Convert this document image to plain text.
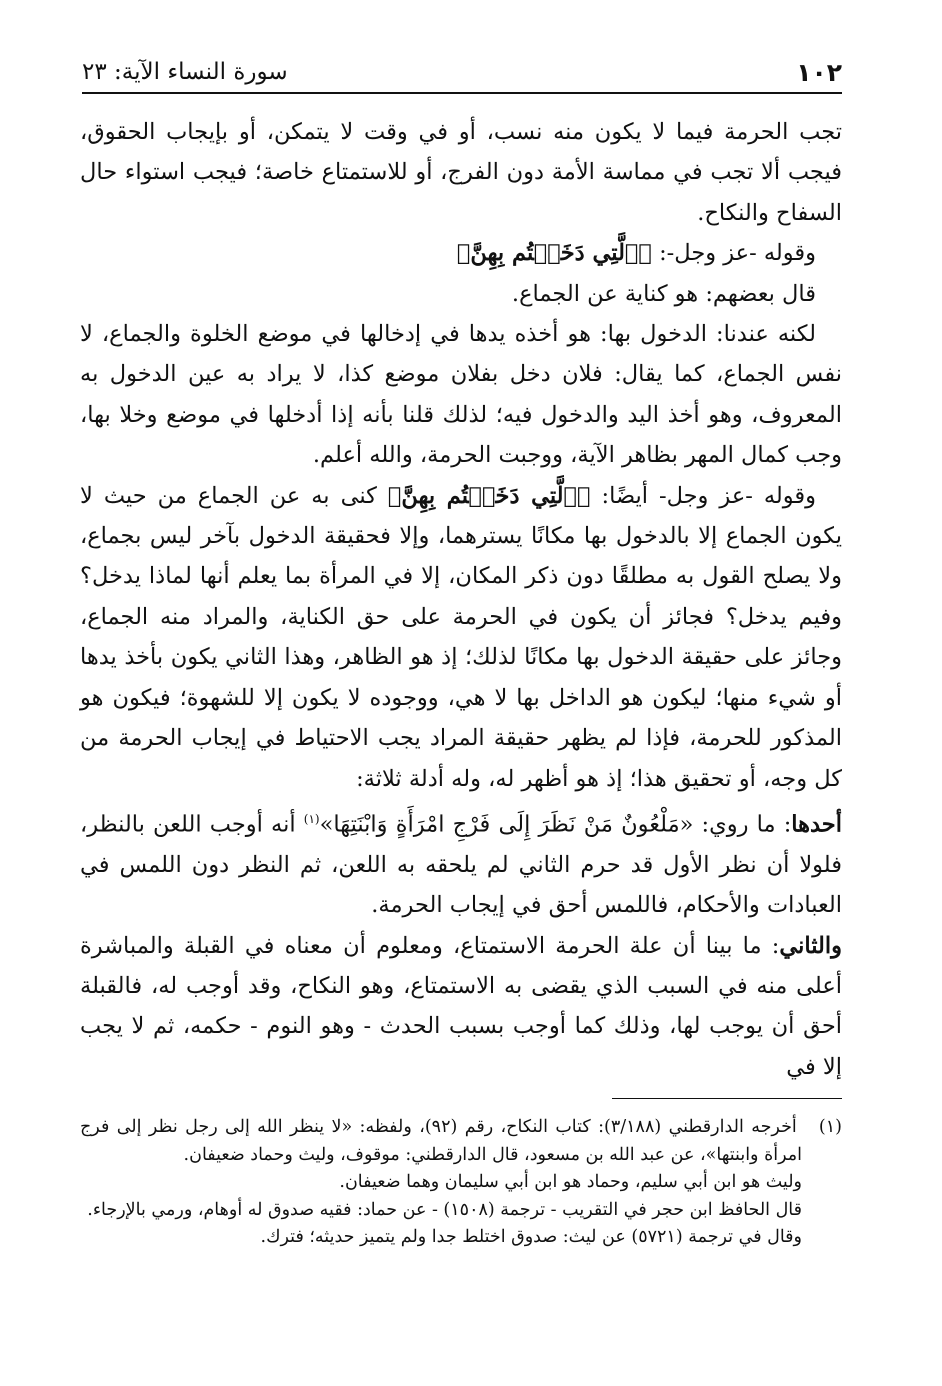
١٠٢
سورة النساء الآية: ٢٣

تجب الحرمة فيما لا يكون منه نسب، أو في وقت لا يتمكن، أو بإيجاب الحقوق، فيجب ألا تجب في مماسة الأمة دون الفرج، أو للاستمتاع خاصة؛ فيجب استواء حال السفاح والنكاح.

وقوله -عز وجل-: ﴿ٱلَّتِي دَخَلۡتُم بِهِنَّ﴾

قال بعضهم: هو كناية عن الجماع.

لكنه عندنا: الدخول بها: هو أخذه يدها في إدخالها في موضع الخلوة والجماع، لا نفس الجماع، كما يقال: فلان دخل بفلان موضع كذا، لا يراد به عين الدخول به المعروف، وهو أخذ اليد والدخول فيه؛ لذلك قلنا بأنه إذا أدخلها في موضع وخلا بها، وجب كمال المهر بظاهر الآية، ووجبت الحرمة، والله أعلم.

وقوله -عز وجل- أيضًا: ﴿ٱلَّتِي دَخَلۡتُم بِهِنَّ﴾ كنى به عن الجماع من حيث لا يكون الجماع إلا بالدخول بها مكانًا يسترهما، وإلا فحقيقة الدخول بآخر ليس بجماع، ولا يصلح القول به مطلقًا دون ذكر المكان، إلا في المرأة بما يعلم أنها لماذا يدخل؟ وفيم يدخل؟ فجائز أن يكون في الحرمة على حق الكناية، والمراد منه الجماع، وجائز على حقيقة الدخول بها مكانًا لذلك؛ إذ هو الظاهر، وهذا الثاني يكون بأخذ يدها أو شيء منها؛ ليكون هو الداخل بها لا هي، ووجوده لا يكون إلا للشهوة؛ فيكون هو المذكور للحرمة، فإذا لم يظهر حقيقة المراد يجب الاحتياط في إيجاب الحرمة من كل وجه، أو تحقيق هذا؛ إذ هو أظهر له، وله أدلة ثلاثة:

أحدها: ما روي: «مَلْعُونٌ مَنْ نَظَرَ إِلَى فَرْجِ امْرَأَةٍ وَابْنَتِهَا»$^{(١)}$ أنه أوجب اللعن بالنظر، فلولا أن نظر الأول قد حرم الثاني لم يلحقه به اللعن، ثم النظر دون اللمس في العبادات والأحكام، فاللمس أحق في إيجاب الحرمة.

والثاني: ما بينا أن علة الحرمة الاستمتاع، ومعلوم أن معناه في القبلة والمباشرة أعلى منه في السبب الذي يقضى به الاستمتاع، وهو النكاح، وقد أوجب له، فالقبلة أحق أن يوجب لها، وذلك كما أوجب بسبب الحدث - وهو النوم - حكمه، ثم لا يجب إلا في

(١)   أخرجه الدارقطني (٣/١٨٨): كتاب النكاح، رقم (٩٢)، ولفظه: «لا ينظر الله إلى رجل نظر إلى فرج امرأة وابنتها»، عن عبد الله بن مسعود، قال الدارقطني: موقوف، وليث وحماد ضعيفان.

وليث هو ابن أبي سليم، وحماد هو ابن أبي سليمان وهما ضعيفان.

قال الحافظ ابن حجر في التقريب - ترجمة (١٥٠٨) - عن حماد: فقيه صدوق له أوهام، ورمي بالإرجاء.

وقال في ترجمة (٥٧٢١) عن ليث: صدوق اختلط جدا ولم يتميز حديثه؛ فترك.
